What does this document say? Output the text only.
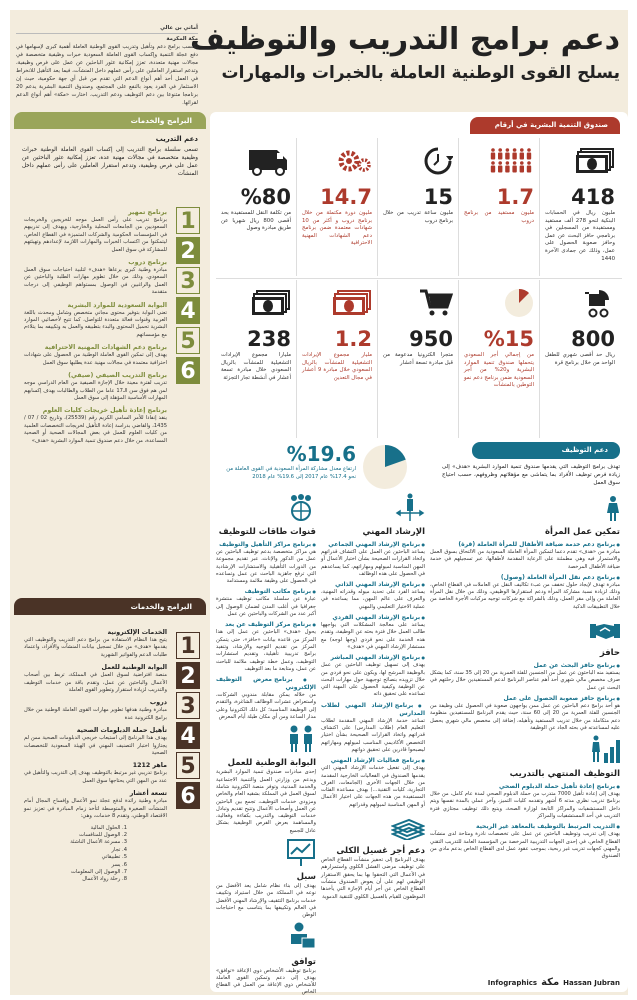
دعم برامج التدريب والتوظيف
يسلح القوى الوطنية العاملة بالخبرات والمهارات
أماني بن عالي
مكة المكرمة
تكتسب برامج دعم وتأهيل وتدريب القوى الوطنية العاملة أهمية كبرى لإسهامها في دفع عجلة التنمية وإكساب القوى العاملة السعودية خبرات وظيفية متخصصة في مجالات مهنية متعددة، تعزز إمكانية عثور الباحثين عن عمل على فرص وظيفية، وتدعم استقرار العاملين على رأس عملهم داخل المنشآت، فيما يعد التأهيل للانخراط في العمل أحد أهم أنواع الدعم التي تقدم من قبل أي جهة حكومية، حيث إن الاستثمار في الفرد يعود بالنفع على المجتمع، وصندوق التنمية البشرية يدعم 20 برنامجا متنوعا بين دعم التوظيف ودعم التدريب. اختارت «مكة» أهم أنواع الدعم لقرائها.
البرامج والخدمات
دعم التدريب
تسعى سلسلة برامج التدريب إلى إكساب القوى العاملة الوطنية خبرات وظيفية متخصصة في مجالات مهنية عدة، تعزز إمكانية عثور الباحثين عن عمل على فرص وظيفية، وتدعم استقرار العاملين على رأس عملهم داخل المنشآت
1
2
3
4
5
6
برنامج تمهير
برنامج تدريب على رأس العمل موجه للخريجين والخريجات السعوديين من الجامعات المحلية والخارجية، ويهدف إلى تدريبهم في المؤسسات الحكومية والشركات المتميزة في القطاع الخاص، ليتمكنوا من اكتساب الخبرات والمهارات اللازمة لإعدادهم وتهيئتهم للمشاركة في سوق العمل
برنامج دروب
مبادرة وطنية كبرى يرعاها «هدف» لتلبية احتياجات سوق العمل السعودي، وذلك من خلال تطوير مهارات الطلبة والباحثين عن العمل والراغبين في الوصول بمستواهم الوظيفي إلى درجات متقدمة
البوابة السعودية للموارد البشرية
تعنى البوابة بتوفير محتوى مجاني متخصص وشامل ومحدث باللغة العربية وقنوات فعالة متعددة للتواصل، كما تتيح لأخصائيي الموارد البشرية تحميل المحتوى والبدء بتطبيقه والعمل به وتكييفه بما يتلاءم مع مؤسساتهم
برنامج دعم الشهادات المهنية الاحترافية
يهدف إلى تمكين القوى العاملة الوطنية من الحصول على شهادات احترافية معتمدة في مجالات مهنية عدة يطلبها سوق العمل
برنامج التدريب الصيفي (صيفي)
تدريب لفترة معينة خلال الإجازة الصيفية من العام الدراسي موجه لمن هم فوق سن الـ17 عاما من الطلاب والطالبات بهدف إكسابهم المهارات الأساسية المؤهلة إلى سوق العمل
برنامج إعادة تأهيل خريجات كليات العلوم
ينفذ إنفاذا للأمر السامي الكريم رقم (25539)، وتاريخ 02 / 07 / 1435، والقاضي بدراسة إعادة التأهيل لخريجات التخصصات العلمية من كليات العلوم للعمل في بعض المجالات الصحية أو الصحية المساعدة، من خلال دعم صندوق تنمية الموارد البشرية «هدف»
البرامج والخدمات
1
2
3
4
5
6
الخدمات الإلكترونية
يتيح هذا النظام الاستفادة من برامج دعم التدريب والتوظيف التي يقدمها «هدف» من خلال تسجيل بيانات المنشآت والأفراد، واعتماد طلبات الدعم والفواتير الشهرية
البوابة الوطنية للعمل
منصة افتراضية لسوق العمل في المملكة، تربط بين أصحاب الأعمال والباحثين عن عمل، وتقدم باقة من خدمات التوظيف والتدريب لزيادة استقرار وتطوير القوى العاملة
دروب
مبادرة وطنية هدفها تطوير مهارات القوى العاملة الوطنية من خلال برامج الكترونية عدة
تأهيل حملة الدبلومات الصحية
يهدف هذا البرنامج إلى استيعاب خريجي الدبلومات الصحية ممن لم يجتازوا اختبار التصنيف المهني في الهيئة السعودية للتخصصات الصحية
ماهر 1212
برنامج تدريبي غير مرتبط بالتوظيف يهدف إلى التدريب والتأهيل في عدد من المهن التي يحتاجها سوق العمل
تسعة أعشار
مبادرة وطنية رائدة لدفع عجلة نمو الأعمال وإفساح المجال أمام المنشآت الصغيرة والمتوسطة لتأخذ زمام المبادرة في تعزيز نمو الاقتصاد الوطني، وتقدم 8 خدمات، وهي:
1. الحلول المالية
2. الوصول للمنافسات
3. مسرعة الأعمال الناشئة
4. تجار
5. تطبيقاتي
6. يسر
7. الوصول إلى المعلومات
8. رحلة رواد الأعمال
صندوق التنمية البشرية في أرقام
418
مليون ريال في الحسابات البنكية لنحو 278 ألف مستفيد ومستفيدة من المسجلين في برنامجي حافز البحث عن عمل وحافز صعوبة الحصول على عمل، وذلك عن جمادى الآخرة 1440
1.7
مليون مستفيد من برنامج دروب
15
مليون ساعة تدريب من خلال برنامج دروب
14.7
مليون دورة مكتملة من خلال برنامج دروب و أكثر من 10 شهادات معتمدة ضمن برنامج دعم الشهادات المهنية الاحترافية
%80
من تكلفة النقل للمستفيدة بحد أقصى 800 ريال شهريا عن طريق مبادرة وصول
800
ريال حد أقصى شهري للطفل الواحد من خلال برنامج قرة
%15
من إجمالي أجر السعودي يتحملها صندوق تنمية الموارد البشرية و20% من أجر السعودية ضمن برنامج دعم نمو التوطين بالمنشآت
950
متجرا الكترونيا مدعومة من قبل مبادرة تسعة أعشار
1.2
مليار مجموع الإيرادات التشغيلية للمنشآت بالريال السعودي خلال مبادرة 9 أعشار في مجال التعدين
238
مليارا مجموع الإيرادات التشغيلية للمنشآت بالريال السعودي خلال مبادرة تسعة أعشار في أنشطة تجار التجزئة
دعم التوظيف
تهدف برامج التوظيف التي يقدمها صندوق تنمية الموارد البشرية «هدف» إلى زيادة فرص توظيف الأفراد بما يتماشى مع مؤهلاتهم وظروفهم، حسب احتياج سوق العمل
%19.6
ارتفاع معدل مشاركة المرأة السعودية في القوى العاملة من نحو 17.4% عام 2017 إلى 19.6% عام 2018
تمكين عمل المرأة
● برنامج دعم خدمة ضيافة الأطفال للمرأة العاملة (قرة)
مبادرة من «هدف» تقدم دعما لتمكين المرأة العاملة السعودية من الالتحاق بسوق العمل والاستمرار فيه وهي مطمئنة على الرعاية المقدمة لأطفالها، عبر تسجيلهم في خدمة ضيافة الأطفال المرخصة
● برنامج دعم نقل المرأة العاملة (وصول)
مبادرة تهدف لإيجاد حلول تخفف من عبء تكاليف النقل عن العاملات في القطاع الخاص، وذلك لزيادة نسبة مشاركة المرأة ودعم استقرارها الوظيفي، وذلك من خلال نقل المرأة العاملة من وإلى مقر العمل، وذلك بالشراكة مع شركات توجيه مركبات الأجرة الخاصة من خلال التطبيقات الذكية
حافز
● برنامج حافز البحث عن عمل
يستفيد منه الباحثون عن عمل من الجنسين للفئة العمرية من 20 إلى 35 سنة، كما يشكل صرف مخصص مالي شهري أحد أهم عناصر البرنامج لدعم المستفيدين خلال رحلتهم في البحث عن عمل
● برنامج حافز صعوبة الحصول على عمل
هو أحد برامج دعم الباحثين عن عمل ممن يواجهون صعوبة في الحصول على وظيفة من الجنسين للفئة العمرية من 20 إلى 60 سنة، حيث يقدم البرنامج للمستفيدين منظومة دعم متكاملة من خلال تدريب المستفيد وتأهيله، إضافة إلى مخصص مالي شهري يحصل عليه لمساعدته في بحثه الجاد عن الوظيفة
التوظيف المنتهي بالتدريب
● برنامج إعادة تأهيل حملة الدبلوم الصحي
يهدف إلى إعادة تأهيل 7000 متدرب من حملة الدبلوم الصحي لمدة عام كامل، من خلال برنامج تدريب نظري مدته 6 أشهر وتقدمه كليات التميز، وآخر عملي بالمدة نفسها ويتم داخل المستشفيات والمراكز التابعة لوزارة الصحة، ويتبع ذلك توظيف مجتازي فترة التدريب في أحد المستشفيات والمراكز
● التدريب المرتبط بالتوظيف بالمعاهد غير الربحية
يهدف إلى تدريب وتوظيف الباحثين عن عمل على تخصصات نادرة ومتاحة لدى منشآت القطاع الخاص، في إحدى الجهات التدريبية المرخصة من المؤسسة العامة للتدريب التقني والمهني كجهات تدريب غير ربحية، بموجب عقود عمل لدى القطاع الخاص بدعم مادي من الصندوق
الإرشاد المهني
● برنامج الإرشاد المهني الجماعي
يساعد الباحثين عن العمل على اكتشاف قدراتهم واتخاذ القرارات الصحيحة بشأن اختيار الأعمال أو المهن المناسبة لميولهم ومهاراتهم، كما يساعدهم في الحصول على هذه الوظائف
● برنامج الإرشاد المهني الذاتي
يساعد الفرد على تحديد ميوله وقدراته المهنية، والتعرف على عالم المهن، مما يساعده في عملية الاختيار التعليمي والمهني
● برنامج الإرشاد المهني الفردي
يساعد على معالجة المشكلات التي يواجهها طالب العمل خلال فترة بحثه عن الوظيفة، وتقدم هذه الخدمة على نحو فردي (وجها لوجه) مع مستشار الإرشاد المهني في «هدف»
● برنامج الإرشاد المهني المباشر
يهدف إلى تسهيل توظيف الباحثين عن عمل بالوظيفة المرشح لها، ويكون على نحو فردي من خلال تزويده بنصائح توجيهية حول مهارات البحث عن الوظيفة وكيفية الحصول على المهنة التي تساعده على تحقيق ذاته
● برنامج الإرشاد المهني لطلاب المدارس
تساعد خدمة الإرشاد المهني المقدمة لطلاب التعليم العام (طلاب المدارس) على اكتشاف قدراتهم واتخاذ القرارات الصحيحة بشأن اختيار التخصص الأكاديمي المناسب لميولهم ومهاراتهم ليصبحوا قادرين على تحقيق ذواتهم
● برنامج فعاليات الإرشاد المهني
يهدف إلى تفعيل خدمات الإرشاد المهني التي يقدمها الصندوق في الفعاليات الخارجية المقدمة من خلال الجهات الأخرى (الجامعات، الغرف التجارية، كليات التقنية...) بهدف مساعدة الفئات المستفيدة من هذه الجهات على اختيار الأعمال أو المهن المناسبة لميولهم وقدراتهم
دعم أجر غسيل الكلى
يهدف البرنامج إلى تحفيز منشآت القطاع الخاص على توظيف مرضى الفشل الكلوي واستمرارهم في الأعمال التي التحقوا بها بما يحقق الاستقرار الوظيفي لهم على أن يعوض الصندوق منشآت القطاع الخاص عن أجر أيام الإجازة التي يأخذها الموظفون للقيام بالغسيل الكلوي للتنقية الدموية
قنوات طاقات للتوظيف
● برنامج مراكز التأهيل والتوظيف
هي مراكز متخصصة بدعم توظيف الباحثين عن عمل من الذكور والإناث، عبر تقديم مجموعة من الدورات التأهيلية والاستشارات الإرشادية التي ترفع جاهزية الباحث عن عمل وتساعده في الحصول على وظيفة ملائمة ومستدامة
● برنامج مكاتب التوظيف
عبارة عن سلسلة مكاتب توظيف منتشرة جغرافيا في أغلب المدن لضمان الوصول إلى أكبر عدد من الشركات والباحثين عن عمل
● برنامج مركز التوظيف عن بعد
يحول «هدف» الباحثين عن عمل إلى هذا المركز من قاعدة بيانات «حافز»، حتى يتمكن المركز من تقديم التوجيه والإرشاد، وتنفيذ برامج تدريبية تأهيلية، وتقديم استشارات التوظيف، وعمل خطة توظيف ملائمة للباحث عن عمل، ومتابعة ما بعد التوظيف
● برنامج معرض التوظيف الإلكتروني
من خلاله يمكن مقابلة مندوبي الشركات، واستعراض عشرات الوظائف الشاغرة، والتقدم إلى الوظيفة المناسبة؛ كل ذلك الكترونيا وعلى مدار الساعة ومن أي مكان طيلة أيام المعرض
البوابة الوطنية للعمل
إحدى مبادرات صندوق تنمية الموارد البشرية وبدعم من وزارتي العمل والتنمية الاجتماعية والخدمة المدنية، وتوفر منصة الكترونية شاملة لسوق العمل في المملكة بشقيه العام والخاص ومزودي خدمات التوظيف، تجمع بين الباحثين عن العمل وأصحاب الأعمال وتتيح تقديم وتبادل خدمات التوظيف والتدريب بكفاءة وفعالية، والمساهمة بعرض الفرص الوظيفية بشكل عادل للجميع
سبل
يهدف إلى بناء نظام شامل يعد الأفضل من نوعه في المملكة من خلال استيراد وتكييف خدمات برنامج التثقيف والإرشاد المهني الأفضل في العالم وتكييفها بما يتناسب مع احتياجات الوطن
توافق
برنامج توظيف الأشخاص ذوي الإعاقة «توافق» يهدف إلى دعم وتمكين القوى العاملة للأشخاص ذوي الإعاقة من العمل في القطاع الخاص
Infographics مكة Hassan Jubran
